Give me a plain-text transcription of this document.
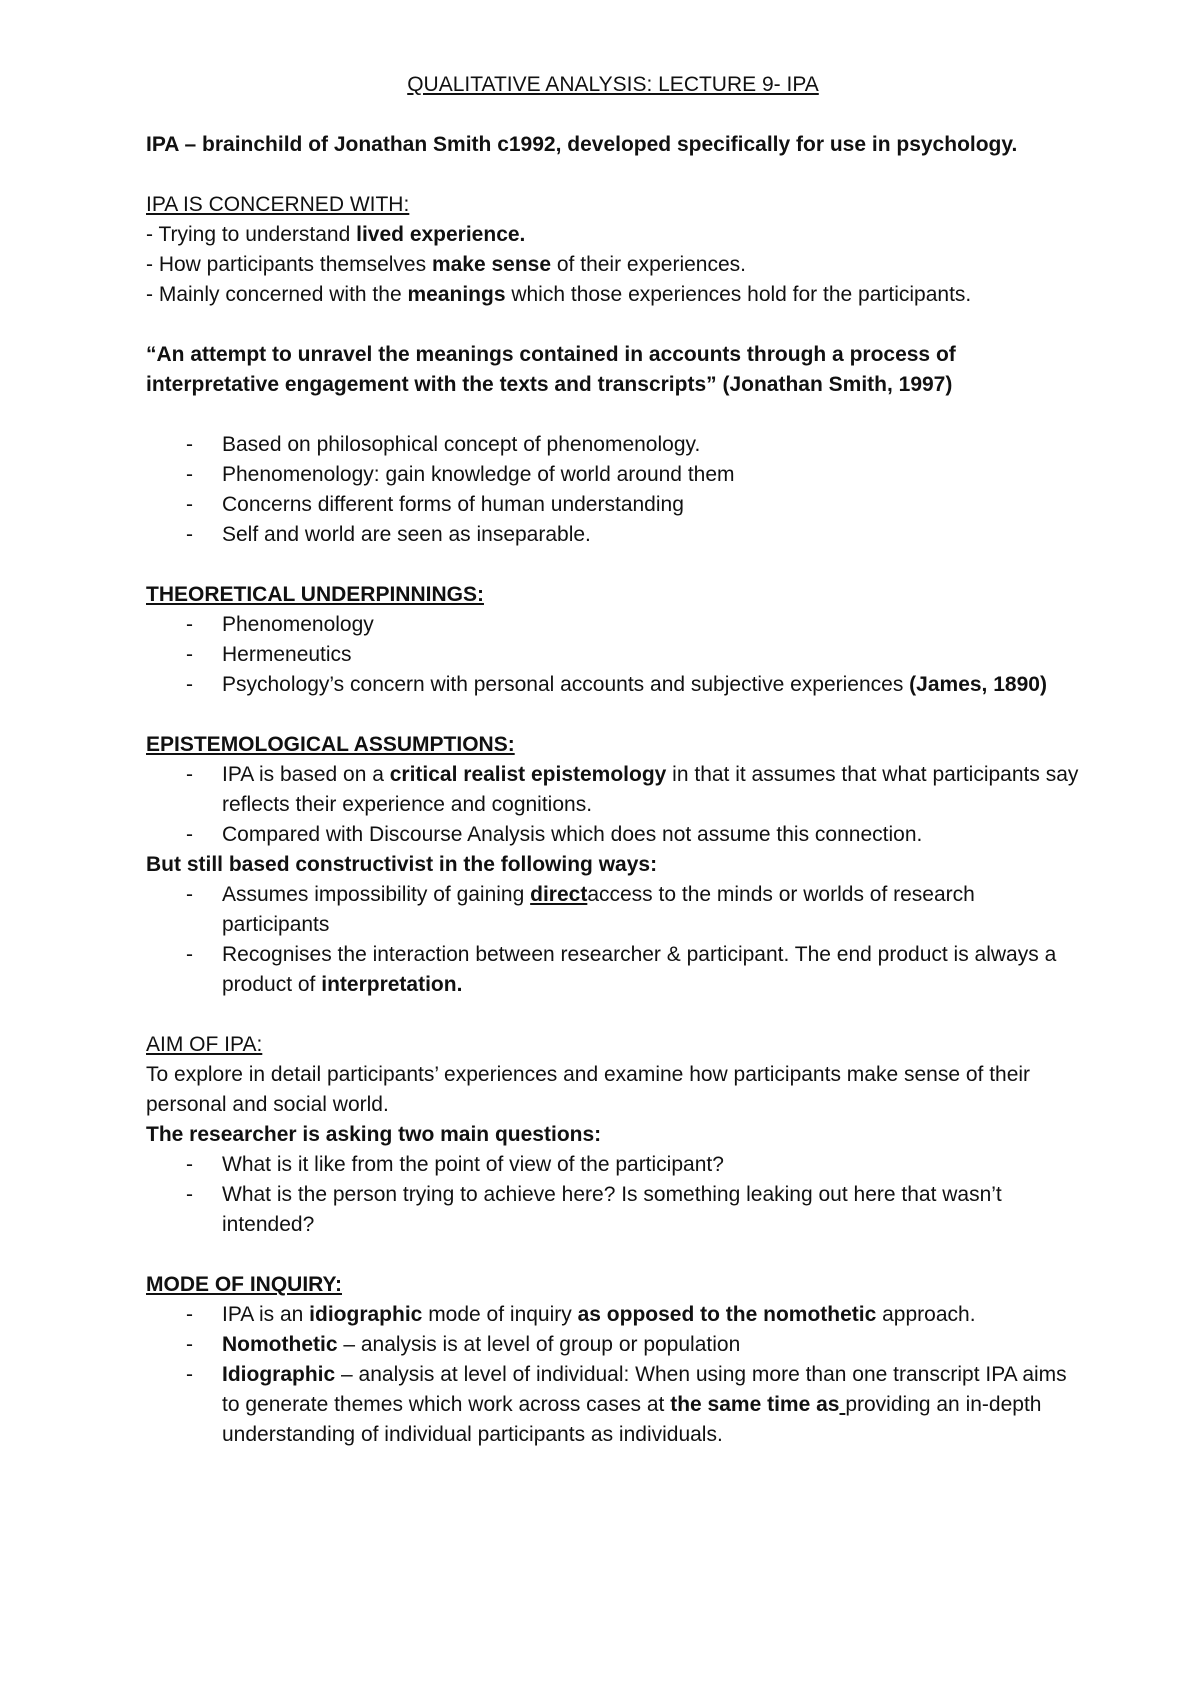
QUALITATIVE ANALYSIS: LECTURE 9- IPA

IPA – brainchild of Jonathan Smith c1992, developed specifically for use in psychology.

IPA IS CONCERNED WITH:

- Trying to understand lived experience.

- How participants themselves make sense of their experiences.

- Mainly concerned with the meanings which those experiences hold for the participants.

“An attempt to unravel the meanings contained in accounts through a process of interpretative engagement with the texts and transcripts” (Jonathan Smith, 1997)

- Based on philosophical concept of phenomenology.
- Phenomenology: gain knowledge of world around them
- Concerns different forms of human understanding
- Self and world are seen as inseparable.

THEORETICAL UNDERPINNINGS:

- Phenomenology
- Hermeneutics
- Psychology’s concern with personal accounts and subjective experiences (James, 1890)

EPISTEMOLOGICAL ASSUMPTIONS:

- IPA is based on a critical realist epistemology in that it assumes that what participants say reflects their experience and cognitions.
- Compared with Discourse Analysis which does not assume this connection.

But still based constructivist in the following ways:

- Assumes impossibility of gaining directaccess to the minds or worlds of research participants
- Recognises the interaction between researcher & participant. The end product is always a product of interpretation.

AIM OF IPA:

To explore in detail participants’ experiences and examine how participants make sense of their personal and social world.

The researcher is asking two main questions:

- What is it like from the point of view of the participant?
- What is the person trying to achieve here? Is something leaking out here that wasn’t intended?

MODE OF INQUIRY:

- IPA is an idiographic mode of inquiry as opposed to the nomothetic approach.
- Nomothetic – analysis is at level of group or population
- Idiographic – analysis at level of individual: When using more than one transcript IPA aims to generate themes which work across cases at the same time as providing an in-depth understanding of individual participants as individuals.
